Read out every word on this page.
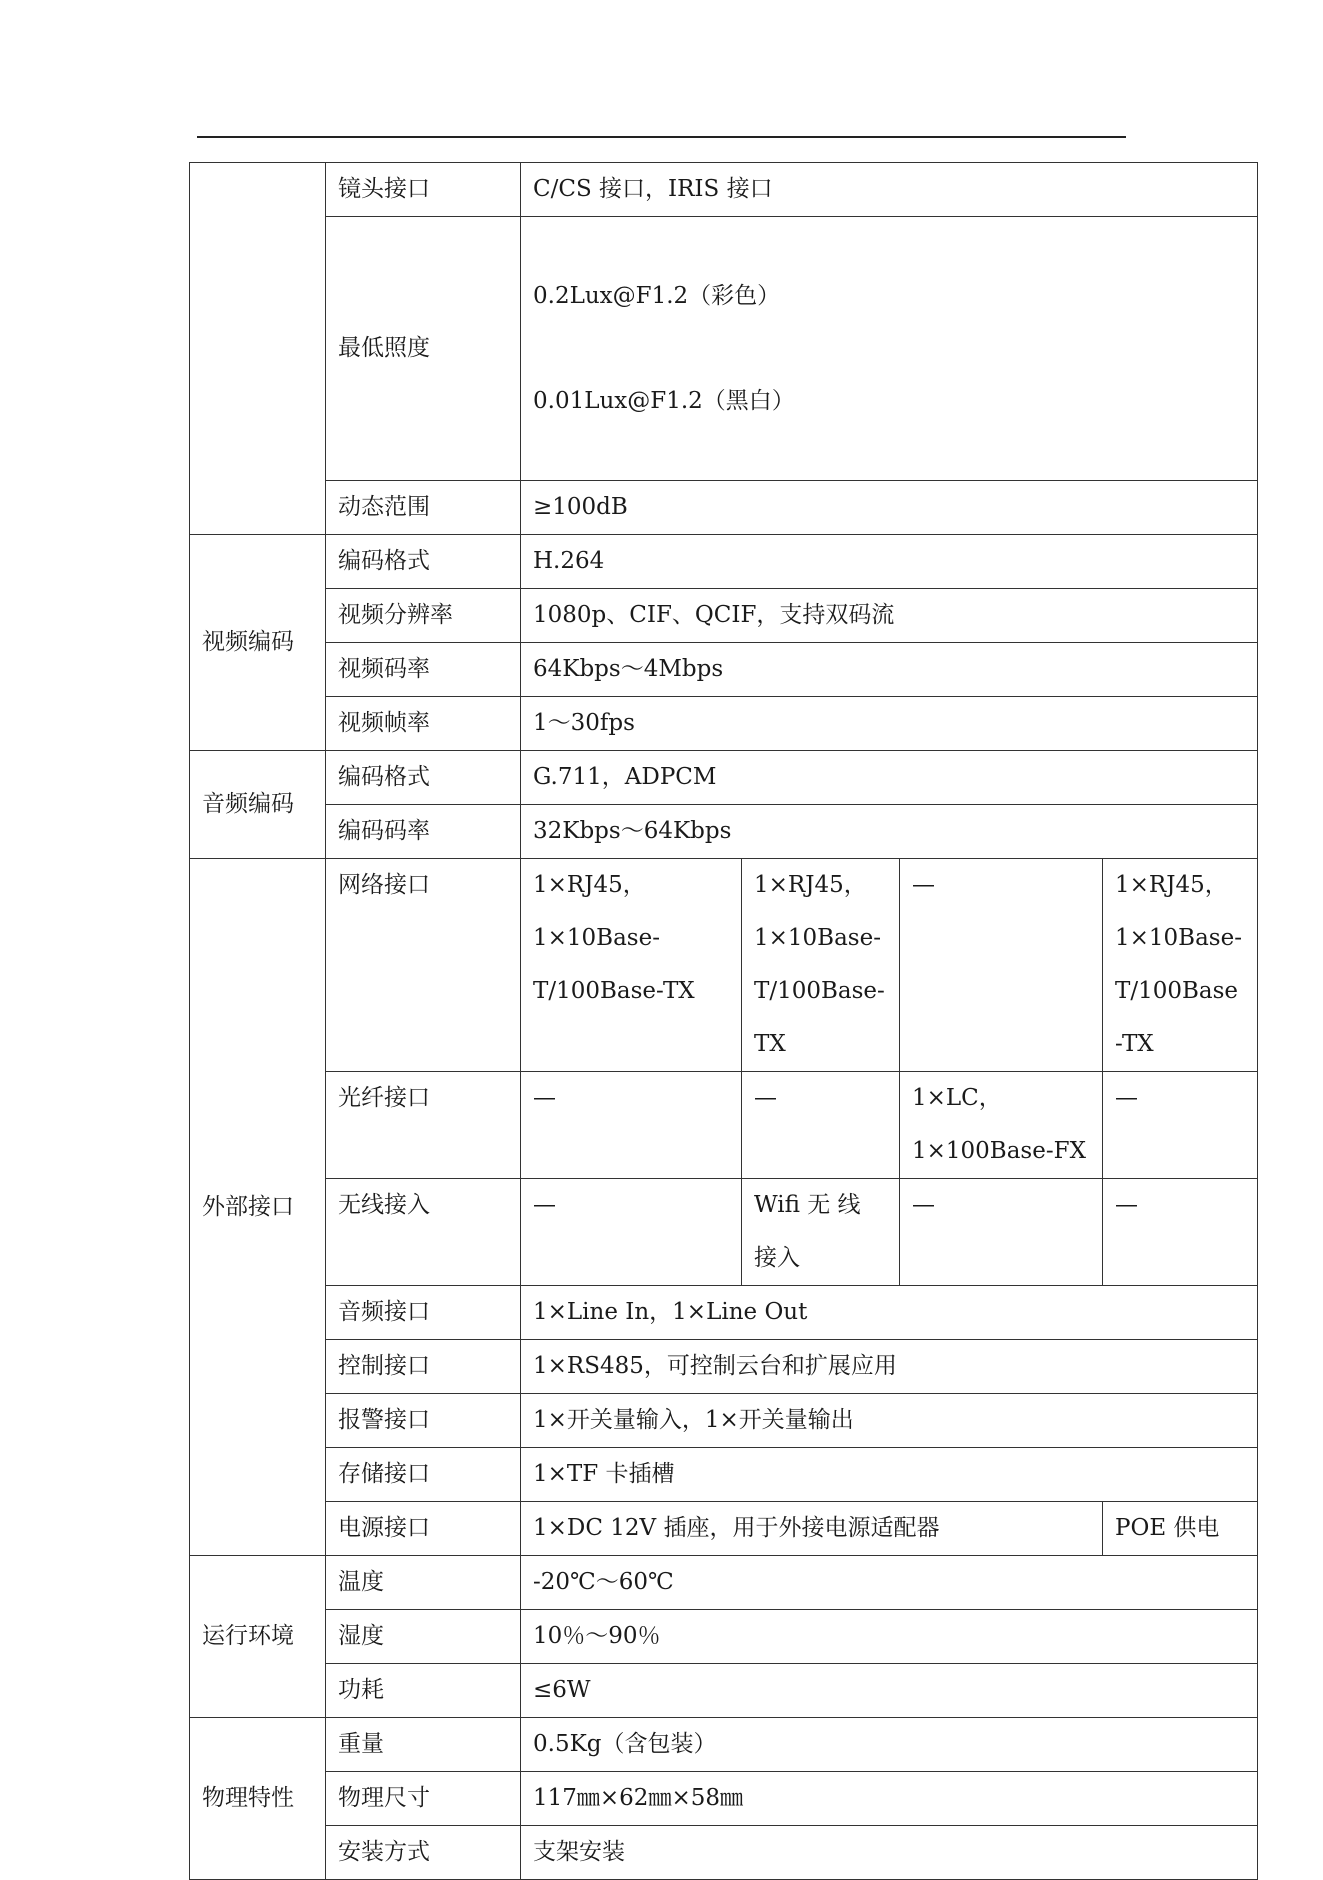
	镜头接口	C/CS 接口，IRIS 接口			
	最低照度	0.2Lux@F1.2（彩色）

0.01Lux@F1.2（黑白）			

	动态范围	≥100dB			
视频编码	编码格式	H.264			
	视频分辨率	1080p、CIF、QCIF，支持双码流			
	视频码率	64Kbps～4Mbps			
	视频帧率	1～30fps			
音频编码	编码格式	G.711，ADPCM			
	编码码率	32Kbps～64Kbps			
外部接口	网络接口	1×RJ45，
1×10Base-
T/100Base-TX	1×RJ45，
1×10Base-
T/100Base-
TX	—	1×RJ45，
1×10Base-
T/100Base
-TX
	光纤接口	—	—	1×LC，
1×100Base-FX	—
	无线接入	—	Wifi 无 线
接入	—	—
	音频接口	1×Line In，1×Line Out			
	控制接口	1×RS485，可控制云台和扩展应用			
	报警接口	1×开关量输入，1×开关量输出			
	存储接口	1×TF 卡插槽			
	电源接口	1×DC 12V 插座，用于外接电源适配器			POE 供电

运行环境	温度	-20℃～60℃			
	湿度	10％～90％			
	功耗	≤6W			
物理特性	重量	0.5Kg（含包装）			
	物理尺寸	117㎜×62㎜×58㎜			
	安装方式	支架安装			
